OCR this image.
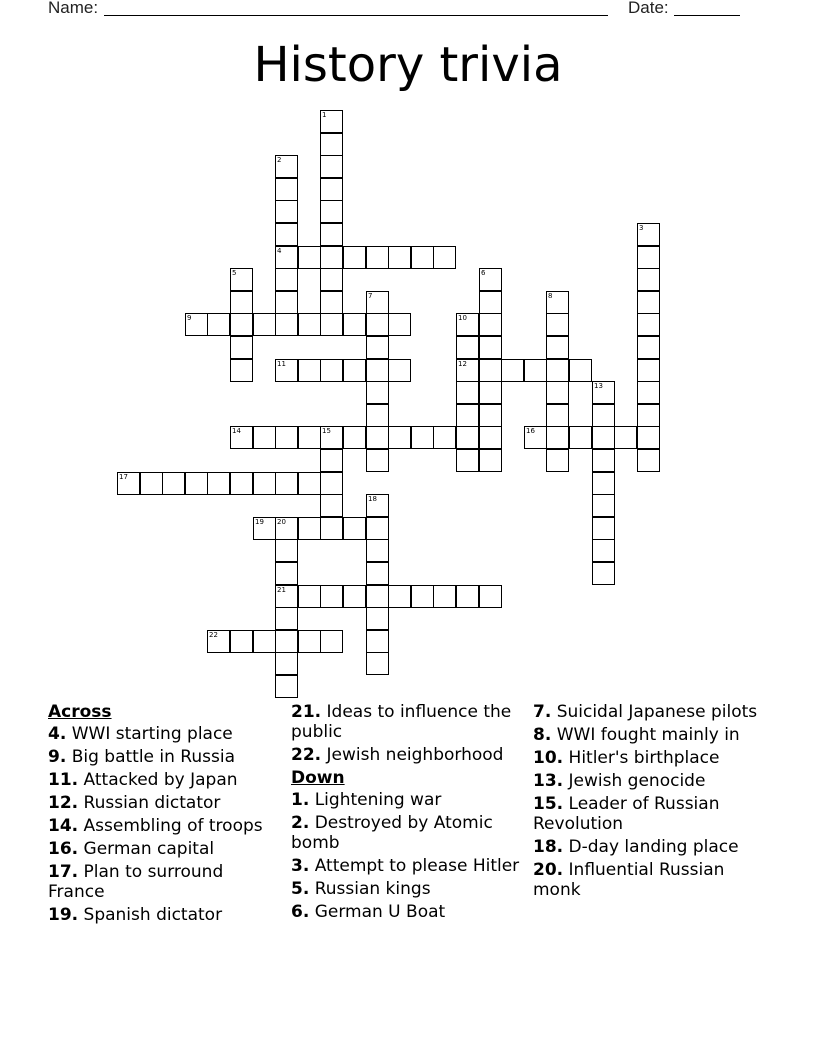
Name:	Date:
History trivia
1
2
4
3
5	6
7	8
9	10
12
11
13
14	15	16
17
18
19 20
21
22
Across
4. WWI starting place
9. Big battle in Russia
11. Attacked by Japan
12. Russian dictator
14. Assembling of troops
16. German capital
17. Plan to surround France
19. Spanish dictator
21. Ideas to influence the public
22. Jewish neighborhood
Down
1. Lightening war
2. Destroyed by Atomic bomb
3. Attempt to please Hitler
5. Russian kings
6. German U Boat
7. Suicidal Japanese pilots
8. WWI fought mainly in
10. Hitler's birthplace
13. Jewish genocide
15. Leader of Russian Revolution
18. D-day landing place
20. Influential Russian monk
